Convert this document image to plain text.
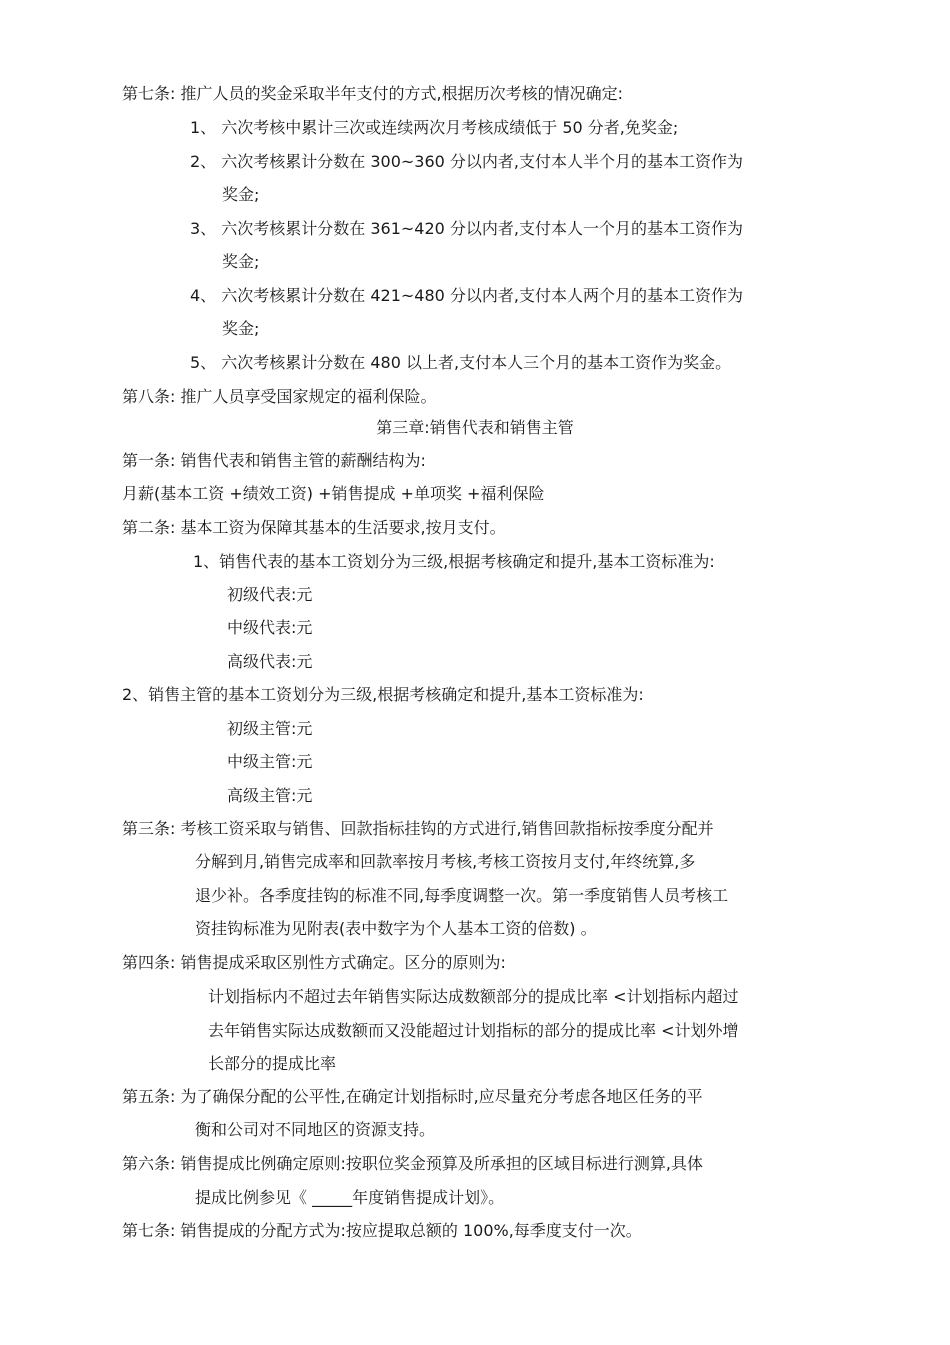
第七条: 推广人员的奖金采取半年支付的方式,根据历次考核的情况确定:
1、 六次考核中累计三次或连续两次月考核成绩低于 50 分者,免奖金;
2、 六次考核累计分数在 300~360 分以内者,支付本人半个月的基本工资作为
奖金;
3、 六次考核累计分数在 361~420 分以内者,支付本人一个月的基本工资作为
奖金;
4、 六次考核累计分数在 421~480 分以内者,支付本人两个月的基本工资作为
奖金;
5、 六次考核累计分数在 480 以上者,支付本人三个月的基本工资作为奖金。
第八条: 推广人员享受国家规定的福利保险。
第三章:销售代表和销售主管
第一条: 销售代表和销售主管的薪酬结构为:
月薪(基本工资 +绩效工资) +销售提成 +单项奖 +福利保险
第二条: 基本工资为保障其基本的生活要求,按月支付。
1、销售代表的基本工资划分为三级,根据考核确定和提升,基本工资标准为:
初级代表:元
中级代表:元
高级代表:元
2、销售主管的基本工资划分为三级,根据考核确定和提升,基本工资标准为:
初级主管:元
中级主管:元
高级主管:元
第三条: 考核工资采取与销售、回款指标挂钩的方式进行,销售回款指标按季度分配并
分解到月,销售完成率和回款率按月考核,考核工资按月支付,年终统算,多
退少补。各季度挂钩的标准不同,每季度调整一次。第一季度销售人员考核工
资挂钩标准为见附表(表中数字为个人基本工资的倍数) 。
第四条: 销售提成采取区别性方式确定。区分的原则为:
计划指标内不超过去年销售实际达成数额部分的提成比率 <计划指标内超过
去年销售实际达成数额而又没能超过计划指标的部分的提成比率 <计划外增
长部分的提成比率
第五条: 为了确保分配的公平性,在确定计划指标时,应尽量充分考虑各地区任务的平
衡和公司对不同地区的资源支持。
第六条: 销售提成比例确定原则:按职位奖金预算及所承担的区域目标进行测算,具体
提成比例参见《 _____年度销售提成计划》。
第七条: 销售提成的分配方式为:按应提取总额的 100%,每季度支付一次。
